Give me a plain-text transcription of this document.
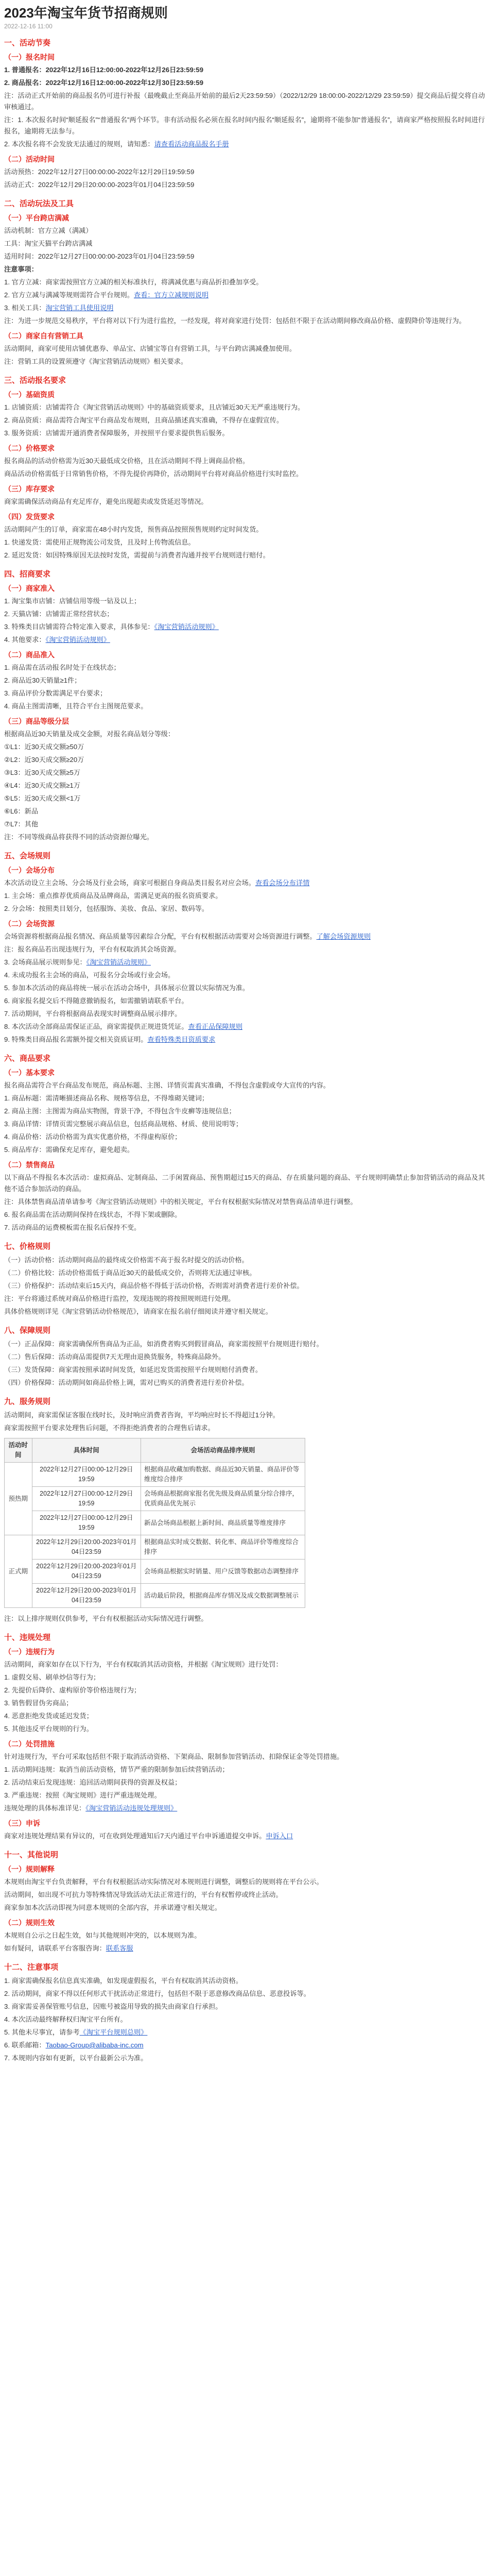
2023年淘宝年货节招商规则
2022-12-16 11:00
一、活动节奏
（一）报名时间

1. 普通报名：2022年12月16日12:00:00-2022年12月26日23:59:59

2. 商品报名：2022年12月16日12:00:00-2022年12月30日23:59:59

注：活动正式开始前的商品报名仍可进行补报（最晚截止至商品开始前的最后2天23:59:59）（2022/12/29 18:00:00-2022/12/29 23:59:59）提交商品后提交将自动审核通过。

注：1. 本次报名时间“顺延报名”“普通报名”两个环节。非有活动报名必须在报名时间内报名“顺延报名”，逾期将不能参加“普通报名”，请商家严格按照报名时间进行报名，逾期将无法参与。

2. 本次报名将不会发放无法通过的规则，请知悉：请查看活动商品报名手册

（二）活动时间

活动预热：2022年12月27日00:00:00-2022年12月29日19:59:59

活动正式：2022年12月29日20:00:00-2023年01月04日23:59:59

二、活动玩法及工具
（一）平台跨店满减

活动机制：官方立减（满减）

工具：淘宝天猫平台跨店满减

适用时间：2022年12月27日00:00:00-2023年01月04日23:59:59

注意事项：

1. 官方立减：商家需按照官方立减的相关标准执行，将满减优惠与商品折扣叠加享受。

2. 官方立减与满减等规则需符合平台规则。查看：官方立减规则说明

3. 相关工具：淘宝营销工具使用说明

注：为进一步规范交易秩序，平台将对以下行为进行监控，一经发现，将对商家进行处罚：包括但不限于在活动期间修改商品价格、虚假降价等违规行为。

（二）商家自有营销工具

活动期间，商家可使用店铺优惠券、单品宝、店铺宝等自有营销工具，与平台跨店满减叠加使用。

注：营销工具的设置须遵守《淘宝营销活动规则》相关要求。

三、活动报名要求
（一）基础资质

1. 店铺资质：店铺需符合《淘宝营销活动规则》中的基础资质要求，且店铺近30天无严重违规行为。

2. 商品资质：商品需符合淘宝平台商品发布规则，且商品描述真实准确，不得存在虚假宣传。

3. 服务资质：店铺需开通消费者保障服务，并按照平台要求提供售后服务。

（二）价格要求

报名商品的活动价格需为近30天最低成交价格，且在活动期间不得上调商品价格。

商品活动价格需低于日常销售价格，不得先提价再降价，活动期间平台将对商品价格进行实时监控。

（三）库存要求

商家需确保活动商品有充足库存，避免出现超卖或发货延迟等情况。

（四）发货要求

活动期间产生的订单，商家需在48小时内发货，预售商品按照预售规则约定时间发货。

1. 快递发货：需使用正规物流公司发货，且及时上传物流信息。

2. 延迟发货：如因特殊原因无法按时发货，需提前与消费者沟通并按平台规则进行赔付。

四、招商要求
（一）商家准入

1. 淘宝集市店铺：店铺信用等级一钻及以上；

2. 天猫店铺：店铺需正常经营状态；

3. 特殊类目店铺需符合特定准入要求，具体参见：《淘宝营销活动规则》

4. 其他要求：《淘宝营销活动规则》

（二）商品准入

1. 商品需在活动报名时处于在线状态；

2. 商品近30天销量≥1件；

3. 商品评价分数需满足平台要求；

4. 商品主图需清晰，且符合平台主图规范要求。

（三）商品等级分层

根据商品近30天销量及成交金额，对报名商品划分等级：

①L1：近30天成交额≥50万

②L2：近30天成交额≥20万

③L3：近30天成交额≥5万

④L4：近30天成交额≥1万

⑤L5：近30天成交额<1万

⑥L6：新品

⑦L7：其他

注：不同等级商品将获得不同的活动资源位曝光。

五、会场规则
（一）会场分布

本次活动设立主会场、分会场及行业会场，商家可根据自身商品类目报名对应会场。查看会场分布详情

1. 主会场：重点推荐优质商品及品牌商品，需满足更高的报名资质要求。

2. 分会场：按照类目划分，包括服饰、美妆、食品、家居、数码等。

（二）会场资源

会场资源将根据商品报名情况、商品质量等因素综合分配，平台有权根据活动需要对会场资源进行调整。了解会场资源规则

注：报名商品若出现违规行为，平台有权取消其会场资源。

3. 会场商品展示规则参见：《淘宝营销活动规则》

4. 未成功报名主会场的商品，可报名分会场或行业会场。

5. 参加本次活动的商品将统一展示在活动会场中，具体展示位置以实际情况为准。

6. 商家报名提交后不得随意撤销报名，如需撤销请联系平台。

7. 活动期间，平台将根据商品表现实时调整商品展示排序。

8. 本次活动全部商品需保证正品，商家需提供正规进货凭证。查看正品保障规则

9. 特殊类目商品报名需额外提交相关资质证明。查看特殊类目资质要求

六、商品要求
（一）基本要求

报名商品需符合平台商品发布规范，商品标题、主图、详情页需真实准确，不得包含虚假或夸大宣传的内容。

1. 商品标题：需清晰描述商品名称、规格等信息，不得堆砌关键词；

2. 商品主图：主图需为商品实物图，背景干净，不得包含牛皮癣等违规信息；

3. 商品详情：详情页需完整展示商品信息，包括商品规格、材质、使用说明等；

4. 商品价格：活动价格需为真实优惠价格，不得虚构原价；

5. 商品库存：需确保充足库存，避免超卖。

（二）禁售商品

以下商品不得报名本次活动：虚拟商品、定制商品、二手闲置商品、预售期超过15天的商品、存在质量问题的商品、平台规则明确禁止参加营销活动的商品及其他不适合参加活动的商品。

注：具体禁售商品清单请参考《淘宝营销活动规则》中的相关规定，平台有权根据实际情况对禁售商品清单进行调整。

6. 报名商品需在活动期间保持在线状态，不得下架或删除。

7. 活动商品的运费模板需在报名后保持不变。

七、价格规则

（一）活动价格：活动期间商品的最终成交价格需不高于报名时提交的活动价格。

（二）价格比较：活动价格需低于商品近30天的最低成交价，否则将无法通过审核。

（三）价格保护：活动结束后15天内，商品价格不得低于活动价格，否则需对消费者进行差价补偿。

注：平台将通过系统对商品价格进行监控，发现违规的将按照规则进行处理。

具体价格规则详见《淘宝营销活动价格规范》，请商家在报名前仔细阅读并遵守相关规定。

八、保障规则

（一）正品保障：商家需确保所售商品为正品，如消费者购买到假冒商品，商家需按照平台规则进行赔付。

（二）售后保障：活动商品需提供7天无理由退换货服务，特殊商品除外。

（三）发货保障：商家需按照承诺时间发货，如延迟发货需按照平台规则赔付消费者。

（四）价格保障：活动期间如商品价格上调，需对已购买的消费者进行差价补偿。

九、服务规则

活动期间，商家需保证客服在线时长，及时响应消费者咨询，平均响应时长不得超过1分钟。

商家需按照平台要求处理售后问题，不得拒绝消费者的合理售后请求。

活动时间	具体时间	会场活动商品排序规则
预热期	2022年12月27日00:00-12月29日19:59	根据商品收藏加购数据、商品近30天销量、商品评价等维度综合排序
	2022年12月27日00:00-12月29日19:59	会场商品根据商家报名优先级及商品质量分综合排序，优质商品优先展示
	2022年12月27日00:00-12月29日19:59	新品会场商品根据上新时间、商品质量等维度排序
正式期	2022年12月29日20:00-2023年01月04日23:59	根据商品实时成交数据、转化率、商品评价等维度综合排序
	2022年12月29日20:00-2023年01月04日23:59	会场商品根据实时销量、用户反馈等数据动态调整排序
	2022年12月29日20:00-2023年01月04日23:59	活动最后阶段，根据商品库存情况及成交数据调整展示

注：以上排序规则仅供参考，平台有权根据活动实际情况进行调整。

十、违规处理
（一）违规行为

活动期间，商家如存在以下行为，平台有权取消其活动资格，并根据《淘宝规则》进行处罚：

1. 虚假交易、刷单炒信等行为；

2. 先提价后降价、虚构原价等价格违规行为；

3. 销售假冒伪劣商品；

4. 恶意拒绝发货或延迟发货；

5. 其他违反平台规则的行为。

（二）处罚措施

针对违规行为，平台可采取包括但不限于取消活动资格、下架商品、限制参加营销活动、扣除保证金等处罚措施。

1. 活动期间违规：取消当前活动资格，情节严重的限制参加后续营销活动；

2. 活动结束后发现违规：追回活动期间获得的资源及权益；

3. 严重违规：按照《淘宝规则》进行严重违规处理。

违规处理的具体标准详见：《淘宝营销活动违规处理规则》

（三）申诉

商家对违规处理结果有异议的，可在收到处理通知后7天内通过平台申诉通道提交申诉。申诉入口

十一、其他说明
（一）规则解释

本规则由淘宝平台负责解释，平台有权根据活动实际情况对本规则进行调整，调整后的规则将在平台公示。

活动期间，如出现不可抗力等特殊情况导致活动无法正常进行的，平台有权暂停或终止活动。

商家参加本次活动即视为同意本规则的全部内容，并承诺遵守相关规定。

（二）规则生效

本规则自公示之日起生效，如与其他规则冲突的，以本规则为准。

如有疑问，请联系平台客服咨询：联系客服

十二、注意事项

1. 商家需确保报名信息真实准确，如发现虚假报名，平台有权取消其活动资格。

2. 活动期间，商家不得以任何形式干扰活动正常进行，包括但不限于恶意修改商品信息、恶意投诉等。

3. 商家需妥善保管账号信息，因账号被盗用导致的损失由商家自行承担。

4. 本次活动最终解释权归淘宝平台所有。

5. 其他未尽事宜，请参考《淘宝平台规则总则》

6. 联系邮箱：Taobao-Group@alibaba-inc.com

7. 本规则内容如有更新，以平台最新公示为准。
